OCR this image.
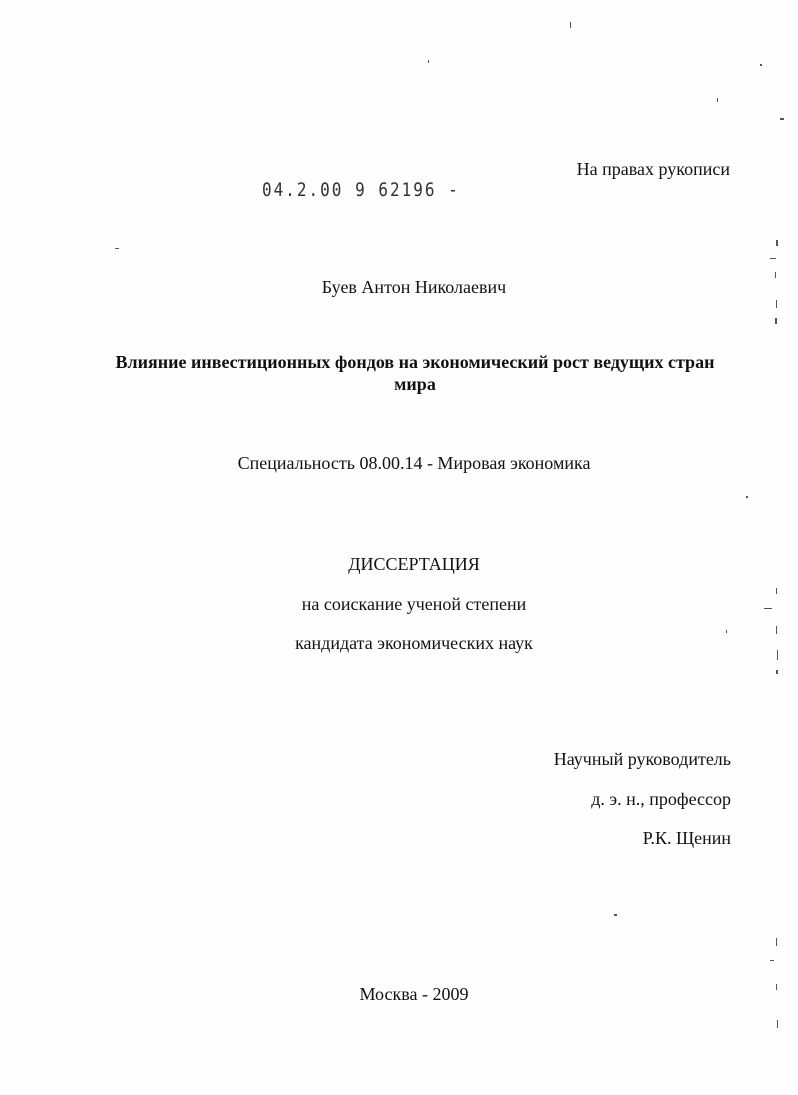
На правах рукописи
04.2.00 9 62196 -
Буев Антон Николаевич
Влияние инвестиционных фондов на экономический рост ведущих стран
мира
Специальность 08.00.14 - Мировая экономика
ДИССЕРТАЦИЯ
на соискание ученой степени
кандидата экономических наук
Научный руководитель
д. э. н., профессор
Р.К. Щенин
Москва - 2009
